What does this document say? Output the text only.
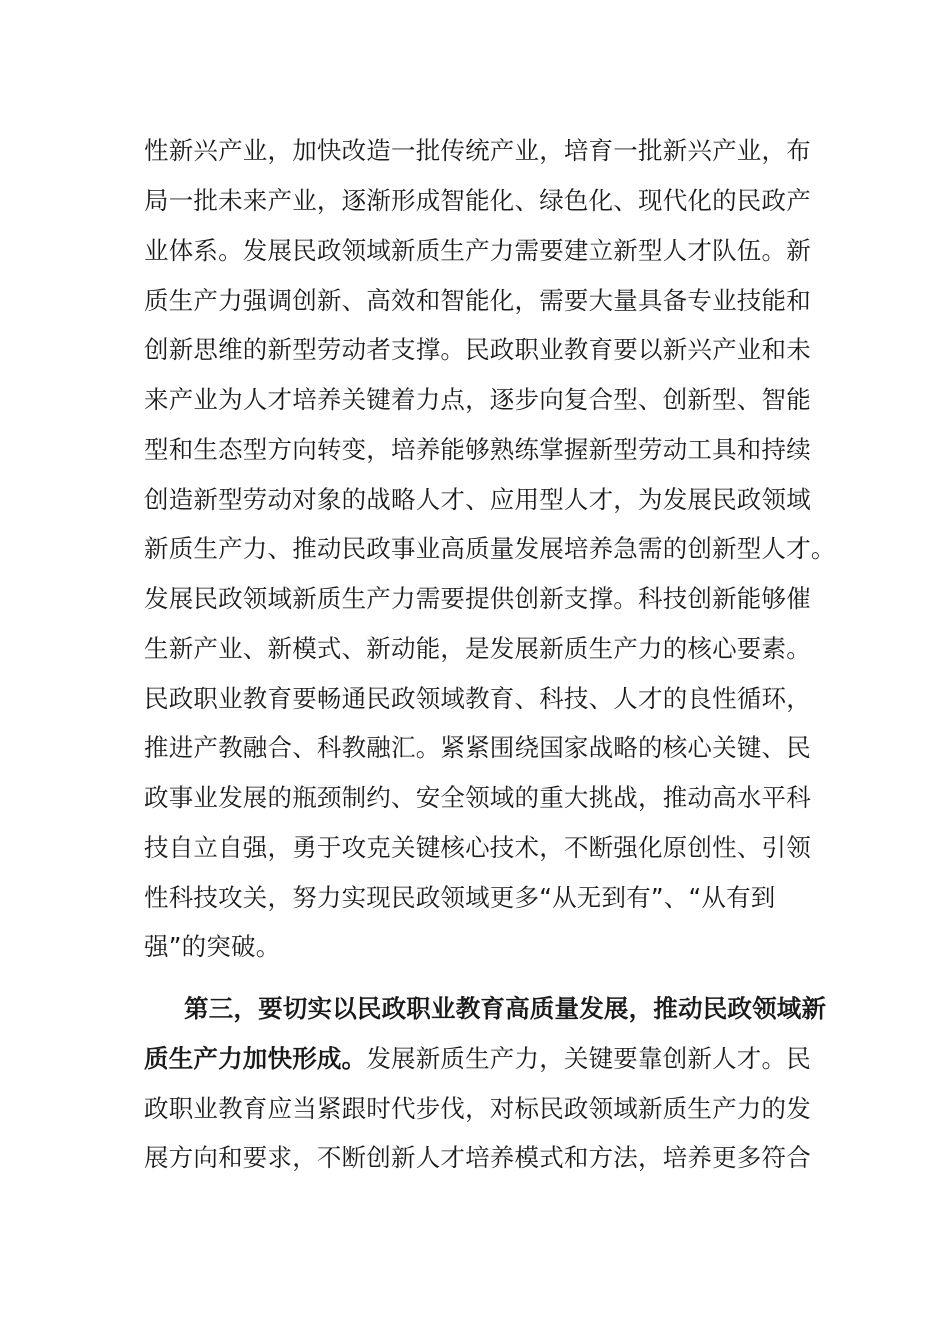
性新兴产业，加快改造一批传统产业，培育一批新兴产业，布
局一批未来产业，逐渐形成智能化、绿色化、现代化的民政产
业体系。发展民政领域新质生产力需要建立新型人才队伍。新
质生产力强调创新、高效和智能化，需要大量具备专业技能和
创新思维的新型劳动者支撑。民政职业教育要以新兴产业和未
来产业为人才培养关键着力点，逐步向复合型、创新型、智能
型和生态型方向转变，培养能够熟练掌握新型劳动工具和持续
创造新型劳动对象的战略人才、应用型人才，为发展民政领域
新质生产力、推动民政事业高质量发展培养急需的创新型人才。
发展民政领域新质生产力需要提供创新支撑。科技创新能够催
生新产业、新模式、新动能，是发展新质生产力的核心要素。
民政职业教育要畅通民政领域教育、科技、人才的良性循环，
推进产教融合、科教融汇。紧紧围绕国家战略的核心关键、民
政事业发展的瓶颈制约、安全领域的重大挑战，推动高水平科
技自立自强，勇于攻克关键核心技术，不断强化原创性、引领
性科技攻关，努力实现民政领域更多“从无到有”、“从有到
强”的突破。
第三，要切实以民政职业教育高质量发展，推动民政领域新
质生产力加快形成。发展新质生产力，关键要靠创新人才。民
政职业教育应当紧跟时代步伐，对标民政领域新质生产力的发
展方向和要求，不断创新人才培养模式和方法，培养更多符合
